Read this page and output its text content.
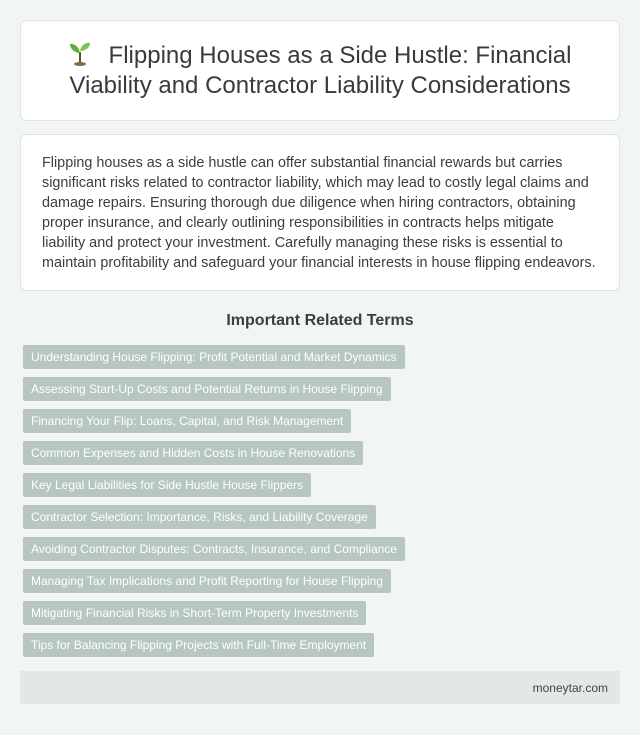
Flipping Houses as a Side Hustle: Financial Viability and Contractor Liability Considerations

Flipping houses as a side hustle can offer substantial financial rewards but carries significant risks related to contractor liability, which may lead to costly legal claims and damage repairs. Ensuring thorough due diligence when hiring contractors, obtaining proper insurance, and clearly outlining responsibilities in contracts helps mitigate liability and protect your investment. Carefully managing these risks is essential to maintain profitability and safeguard your financial interests in house flipping endeavors.

Important Related Terms
Understanding House Flipping: Profit Potential and Market Dynamics
Assessing Start-Up Costs and Potential Returns in House Flipping
Financing Your Flip: Loans, Capital, and Risk Management
Common Expenses and Hidden Costs in House Renovations
Key Legal Liabilities for Side Hustle House Flippers
Contractor Selection: Importance, Risks, and Liability Coverage
Avoiding Contractor Disputes: Contracts, Insurance, and Compliance
Managing Tax Implications and Profit Reporting for House Flipping
Mitigating Financial Risks in Short-Term Property Investments
Tips for Balancing Flipping Projects with Full-Time Employment
moneytar.com
